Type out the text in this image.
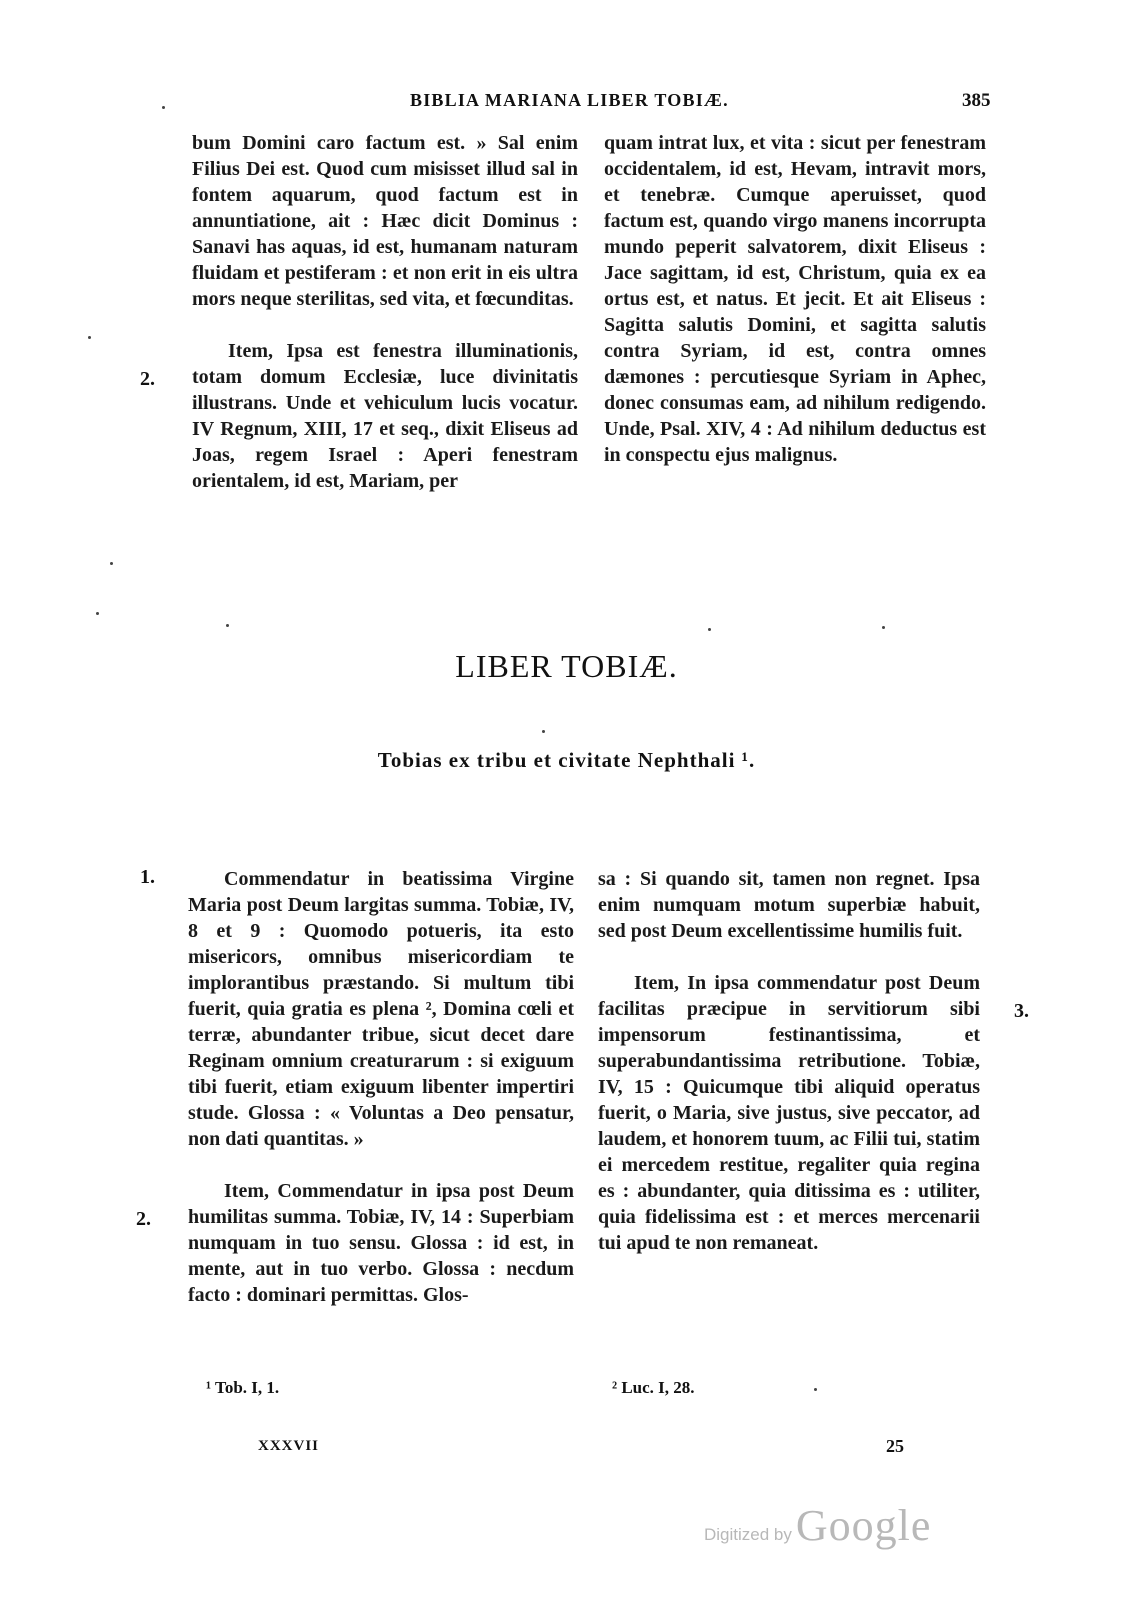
BIBLIA MARIANA LIBER TOBIÆ.	385

bum Domini caro factum est. » Sal enim Filius Dei est. Quod cum misisset illud sal in fontem aquarum, quod factum est in annuntiatione, ait : Hæc dicit Dominus : Sanavi has aquas, id est, humanam naturam fluidam et pestiferam : et non erit in eis ultra mors neque sterilitas, sed vita, et fœcunditas.

Item, Ipsa est fenestra illuminationis, totam domum Ecclesiæ, luce divinitatis illustrans. Unde et vehiculum lucis vocatur. IV Regnum, XIII, 17 et seq., dixit Eliseus ad Joas, regem Israel : Aperi fenestram orientalem, id est, Mariam, per

2.

quam intrat lux, et vita : sicut per fenestram occidentalem, id est, Hevam, intravit mors, et tenebræ. Cumque aperuisset, quod factum est, quando virgo manens incorrupta mundo peperit salvatorem, dixit Eliseus : Jace sagittam, id est, Christum, quia ex ea ortus est, et natus. Et jecit. Et ait Eliseus : Sagitta salutis Domini, et sagitta salutis contra Syriam, id est, contra omnes dæmones : percutiesque Syriam in Aphec, donec consumas eam, ad nihilum redigendo. Unde, Psal. XIV, 4 : Ad nihilum deductus est in conspectu ejus malignus.

LIBER TOBIÆ.
Tobias ex tribu et civitate Nephthali ¹.
1.	Commendatur in beatissima Virgine Maria post Deum largitas summa. Tobiæ, IV, 8 et 9 : Quomodo potueris, ita esto misericors, omnibus misericordiam te implorantibus præstando. Si multum tibi fuerit, quia gratia es plena ², Domina cœli et terræ, abundanter tribue, sicut decet dare Reginam omnium creaturarum : si exiguum tibi fuerit, etiam exiguum libenter impertiri stude. Glossa : « Voluntas a Deo pensatur, non dati quantitas. »

Item, Commendatur in ipsa post Deum humilitas summa. Tobiæ, IV, 14 : Superbiam numquam in tuo sensu. Glossa : id est, in mente, aut in tuo verbo. Glossa : necdum facto : dominari permittas. Glos-

2.

sa : Si quando sit, tamen non regnet. Ipsa enim numquam motum superbiæ habuit, sed post Deum excellentissime humilis fuit.

Item, In ipsa commendatur post Deum facilitas præcipue in servitiorum sibi impensorum festinantissima, et superabundantissima retributione. Tobiæ, IV, 15 : Quicumque tibi aliquid operatus fuerit, o Maria, sive justus, sive peccator, ad laudem, et honorem tuum, ac Filii tui, statim ei mercedem restitue, regaliter quia regina es : abundanter, quia ditissima es : utiliter, quia fidelissima est : et merces mercenarii tui apud te non remaneat.

3.
¹ Tob. I, 1.	² Luc. I, 28.
XXXVII	25
Digitized by Google
